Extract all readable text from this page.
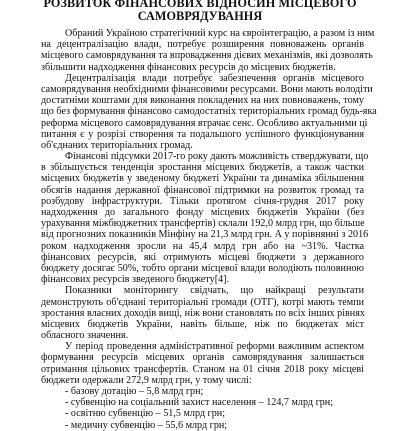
РОЗВИТОК ФІНАНСОВИХ ВІДНОСИН МІСЦЕВОГО
САМОВРЯДУВАННЯ
Обраний Україною стратегічний курс на євроінтеграцію, а разом із ним
на децентралізацію влади, потребує розширення повноважень органів
місцевого самоврядування та впровадження дієвих механізмів, які дозволять
збільшити надходження фінансових ресурсів до місцевих бюджетів.
Децентралізація влади потребує забезпечення органів місцевого
самоврядування необхідними фінансовими ресурсами. Вони мають володіти
достатніми коштами для виконання покладених на них повноважень, тому
що без формування фінансово самодостатніх територіальних громад будь-яка
реформа місцевого самоврядування втрачає сенс. Особливо актуальними ці
питання є у розрізі створення та подальшого успішного функціонування
об'єднаних територіальних громад.
Фінансові підсумки 2017-го року дають можливість стверджувати, що
в збільшується тенденція зростання місцевих бюджетів, а також частки
місцевих бюджетів у зведеному бюджеті України та динаміка збільшення
обсягів надання державної фінансової підтримки на розвиток громад та
розбудову інфраструктури. Тільки протягом січня-грудня 2017 року
надходження до загального фонду місцевих бюджетів України (без
урахування міжбюджетних трансфертів) склали 192,0 млрд грн, що більше
від прогнозних показників Мінфіну на 21,3 млрд грн. А у порівнянні з 2016
роком надходження зросли на 45,4 млрд грн або на ~31%. Частка
фінансових ресурсів, які отримують місцеві бюджети з державного
бюджету досягає 50%, тобто органи місцевої влади володіють половиною
фінансових ресурсів зведеного бюджету[4].
Показники моніторингу свідчать, що найкращі результати
демонструють об'єднані територіальні громади (ОТГ), котрі мають темпи
зростання власних доходів вищі, ніж вони становлять по всіх інших рівнях
місцевих бюджетів України, навіть більше, ніж по бюджетах міст
обласного значення.
У період проведення адміністративної реформи важливим аспектом
формування ресурсів місцевих органів самоврядування залишається
отримання цільових трансфертів. Станом на 01 січня 2018 року місцеві
бюджети одержали 272,9 млрд грн, у тому числі:
- базову дотацію – 5,8 млрд грн;
- субвенцію на соціальний захист населення – 124,7 млрд грн;
- освітню субвенцію – 51,5 млрд грн;
- медичну субвенцію – 55,6 млрд грн;
